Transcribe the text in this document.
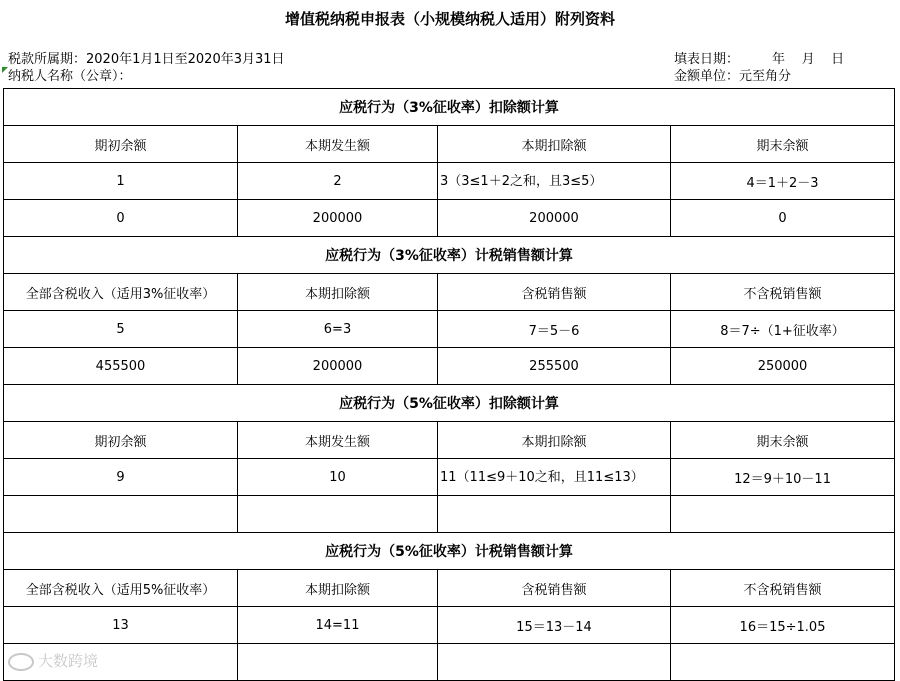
增值税纳税申报表（小规模纳税人适用）附列资料
税款所属期：2020年1月1日至2020年3月31日
纳税人名称（公章）：
填表日期：        年    月    日
金额单位：元至角分
应税行为（3%征收率）扣除额计算			
期初余额	本期发生额	本期扣除额	期末余额
1	2	3（3≤1＋2之和，且3≤5）	4＝1＋2－3
0	200000	200000	0
应税行为（3%征收率）计税销售额计算			
全部含税收入（适用3%征收率）	本期扣除额	含税销售额	不含税销售额
5	6=3	7＝5－6	8＝7÷（1+征收率）
455500	200000	255500	250000
应税行为（5%征收率）扣除额计算			
期初余额	本期发生额	本期扣除额	期末余额
9	10	11（11≤9＋10之和，且11≤13）	12＝9＋10－11

应税行为（5%征收率）计税销售额计算			
全部含税收入（适用5%征收率）	本期扣除额	含税销售额	不含税销售额
13	14=11	15＝13－14	16＝15÷1.05

大数跨境
